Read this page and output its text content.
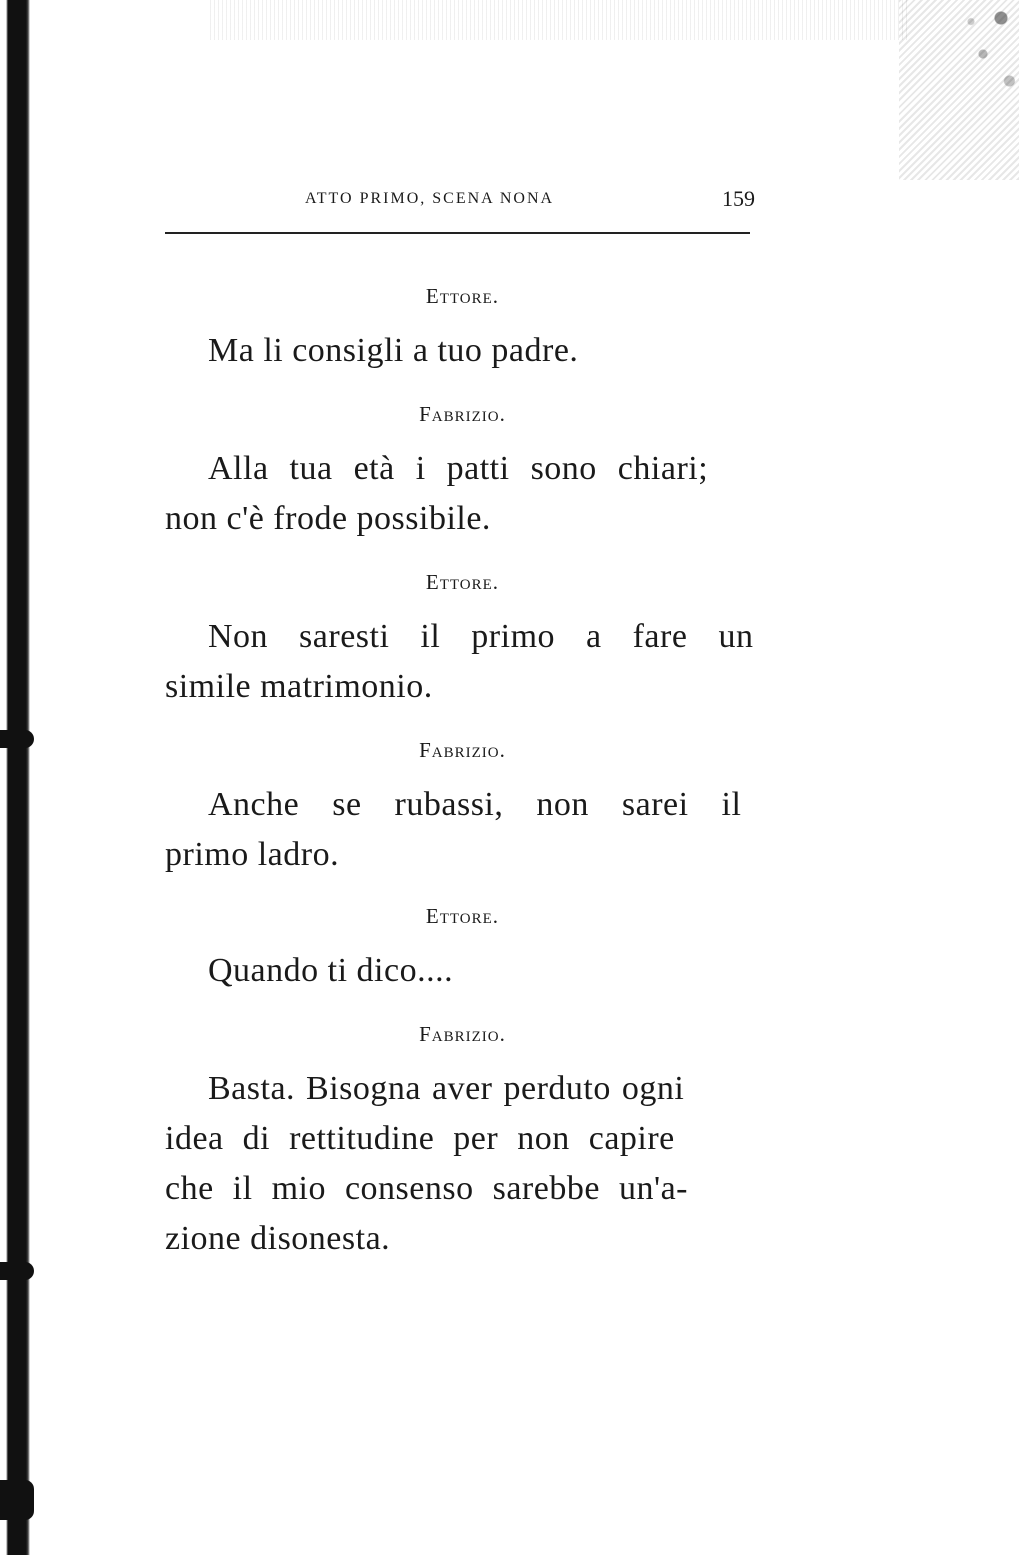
ATTO PRIMO, SCENA NONA	159
Ettore.
Ma li consigli a tuo padre.
Fabrizio.
Alla tua età i patti sono chiari;
non c'è frode possibile.
Ettore.
Non saresti il primo a fare un
simile matrimonio.
Fabrizio.
Anche se rubassi, non sarei il
primo ladro.
Ettore.
Quando ti dico....
Fabrizio.
Basta. Bisogna aver perduto ogni
idea di rettitudine per non capire
che il mio consenso sarebbe un'a-
zione disonesta.
